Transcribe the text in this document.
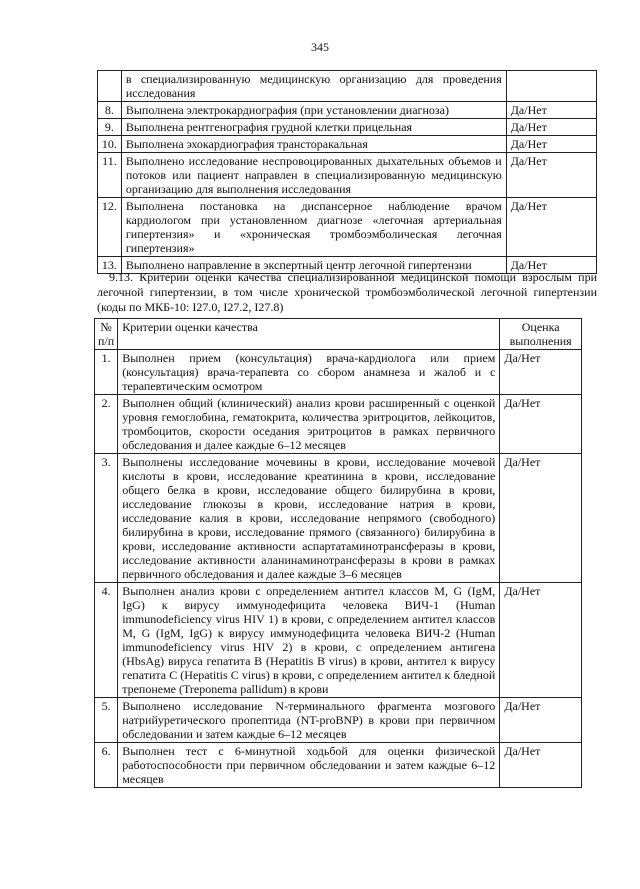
345
	в специализированную медицинскую организацию для проведения исследования	
8.	Выполнена электрокардиография (при установлении диагноза)	Да/Нет
9.	Выполнена рентгенография грудной клетки прицельная	Да/Нет
10.	Выполнена эхокардиография трансторакальная	Да/Нет
11.	Выполнено исследование неспровоцированных дыхательных объемов и потоков или пациент направлен в специализированную медицинскую организацию для выполнения исследования	Да/Нет
12.	Выполнена постановка на диспансерное наблюдение врачом кардиологом при установленном диагнозе «легочная артериальная гипертензия» и «хроническая тромбоэмболическая легочная гипертензия»	Да/Нет
13.	Выполнено направление в экспертный центр легочной гипертензии	Да/Нет
9.13. Критерии оценки качества специализированной медицинской помощи взрослым при легочной гипертензии, в том числе хронической тромбоэмболической легочной гипертензии (коды по МКБ-10: I27.0, I27.2, I27.8)
№ п/п	Критерии оценки качества	Оценка выполнения
1.	Выполнен прием (консультация) врача-кардиолога или прием (консультация) врача-терапевта со сбором анамнеза и жалоб и с терапевтическим осмотром	Да/Нет
2.	Выполнен общий (клинический) анализ крови расширенный с оценкой уровня гемоглобина, гематокрита, количества эритроцитов, лейкоцитов, тромбоцитов, скорости оседания эритроцитов в рамках первичного обследования и далее каждые 6–12 месяцев	Да/Нет
3.	Выполнены исследование мочевины в крови, исследование мочевой кислоты в крови, исследование креатинина в крови, исследование общего белка в крови, исследование общего билирубина в крови, исследование глюкозы в крови, исследование натрия в крови, исследование калия в крови, исследование непрямого (свободного) билирубина в крови, исследование прямого (связанного) билирубина в крови, исследование активности аспартатаминотрансферазы в крови, исследование активности аланинаминотрансферазы в крови в рамках первичного обследования и далее каждые 3–6 месяцев	Да/Нет
4.	Выполнен анализ крови с определением антител классов M, G (IgM, IgG) к вирусу иммунодефицита человека ВИЧ-1 (Human immunodeficiency virus HIV 1) в крови, с определением антител классов M, G (IgM, IgG) к вирусу иммунодефицита человека ВИЧ-2 (Human immunodeficiency virus HIV 2) в крови, с определением антигена (HbsAg) вируса гепатита B (Hepatitis B virus) в крови, антител к вирусу гепатита C (Hepatitis C virus) в крови, с определением антител к бледной трепонеме (Treponema pallidum) в крови	Да/Нет
5.	Выполнено исследование N-терминального фрагмента мозгового натрийуретического пропептида (NT-proBNP) в крови при первичном обследовании и затем каждые 6–12 месяцев	Да/Нет
6.	Выполнен тест с 6-минутной ходьбой для оценки физической работоспособности при первичном обследовании и затем каждые 6–12 месяцев	Да/Нет
